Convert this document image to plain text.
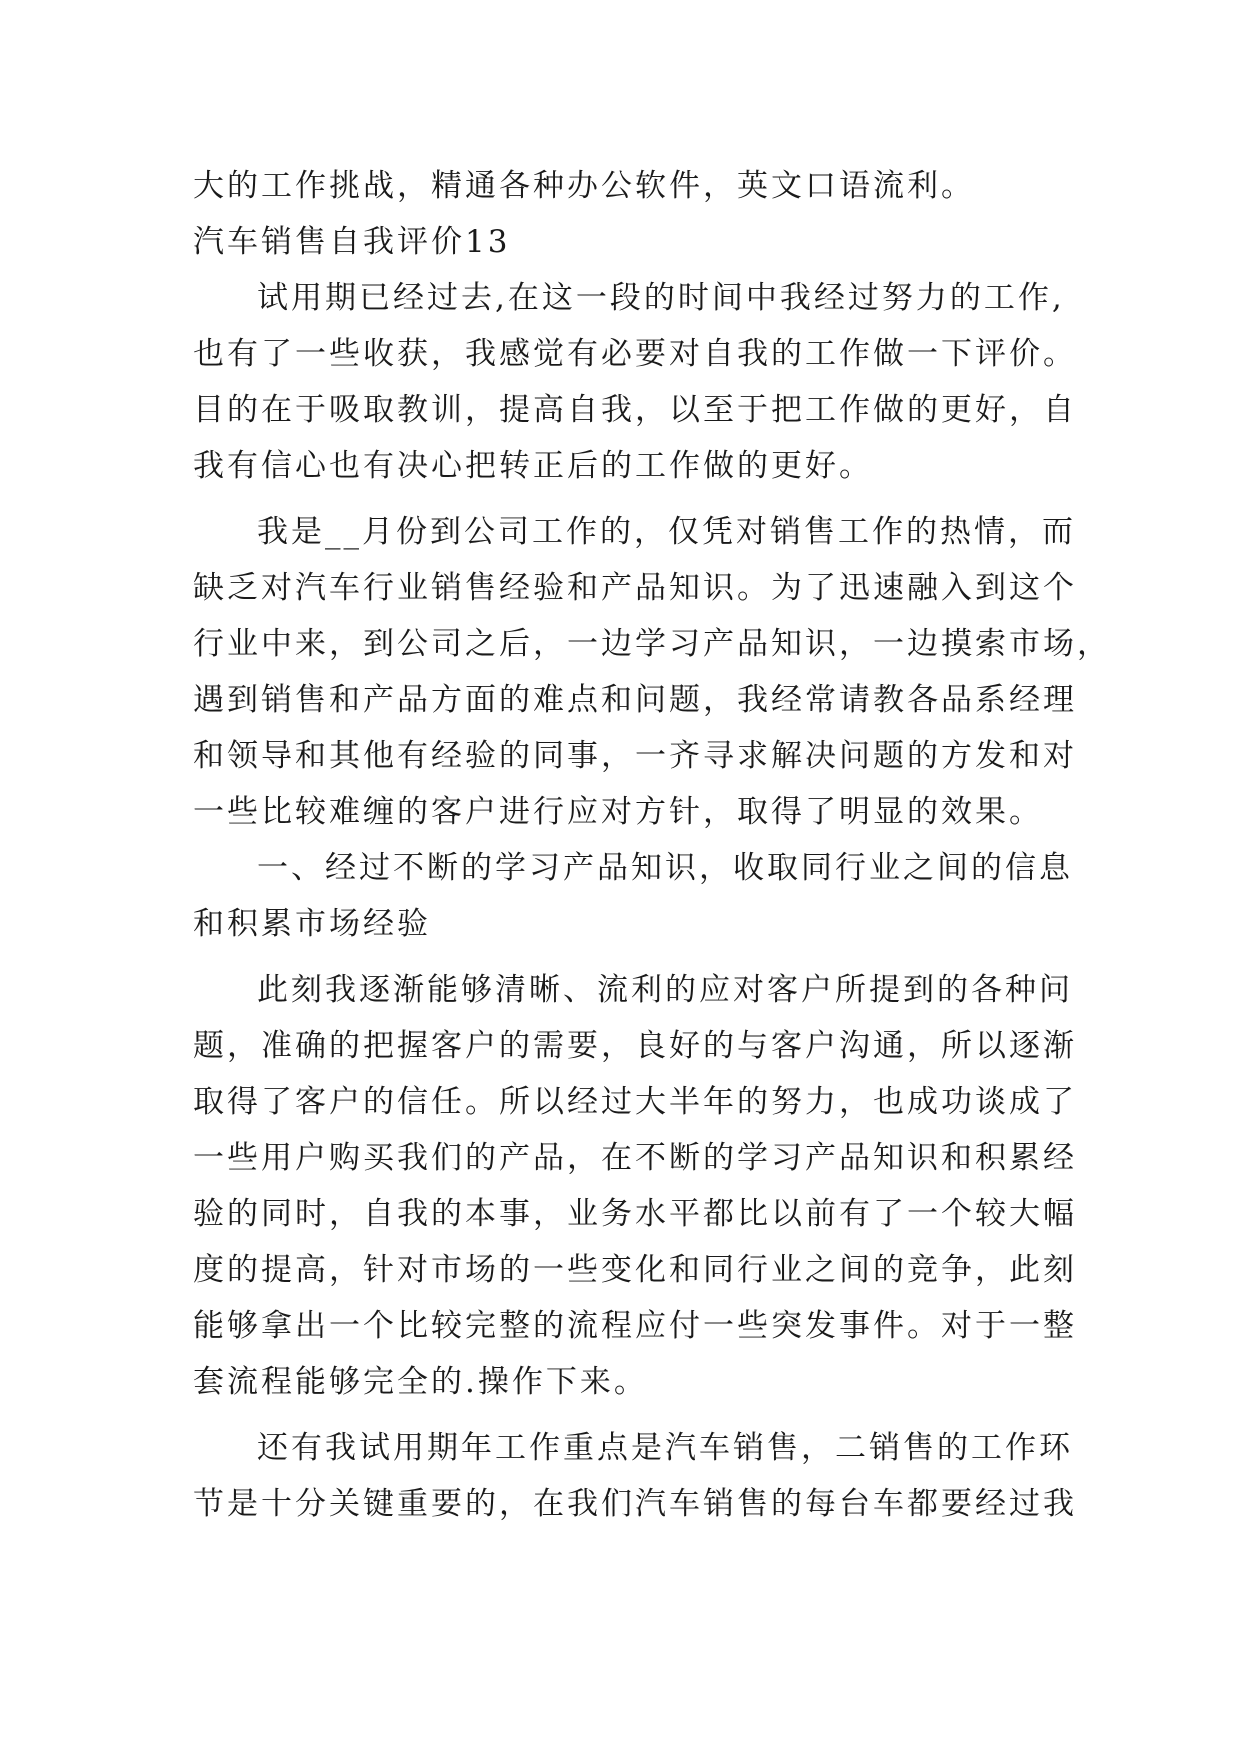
大的工作挑战，精通各种办公软件，英文口语流利。
汽车销售自我评价13
试用期已经过去,在这一段的时间中我经过努力的工作,
也有了一些收获，我感觉有必要对自我的工作做一下评价。
目的在于吸取教训，提高自我，以至于把工作做的更好，自
我有信心也有决心把转正后的工作做的更好。
我是__月份到公司工作的，仅凭对销售工作的热情，而
缺乏对汽车行业销售经验和产品知识。为了迅速融入到这个
行业中来，到公司之后，一边学习产品知识，一边摸索市场，
遇到销售和产品方面的难点和问题，我经常请教各品系经理
和领导和其他有经验的同事，一齐寻求解决问题的方发和对
一些比较难缠的客户进行应对方针，取得了明显的效果。
一、经过不断的学习产品知识，收取同行业之间的信息
和积累市场经验
此刻我逐渐能够清晰、流利的应对客户所提到的各种问
题，准确的把握客户的需要，良好的与客户沟通，所以逐渐
取得了客户的信任。所以经过大半年的努力，也成功谈成了
一些用户购买我们的产品，在不断的学习产品知识和积累经
验的同时，自我的本事，业务水平都比以前有了一个较大幅
度的提高，针对市场的一些变化和同行业之间的竞争，此刻
能够拿出一个比较完整的流程应付一些突发事件。对于一整
套流程能够完全的.操作下来。
还有我试用期年工作重点是汽车销售，二销售的工作环
节是十分关键重要的，在我们汽车销售的每台车都要经过我
